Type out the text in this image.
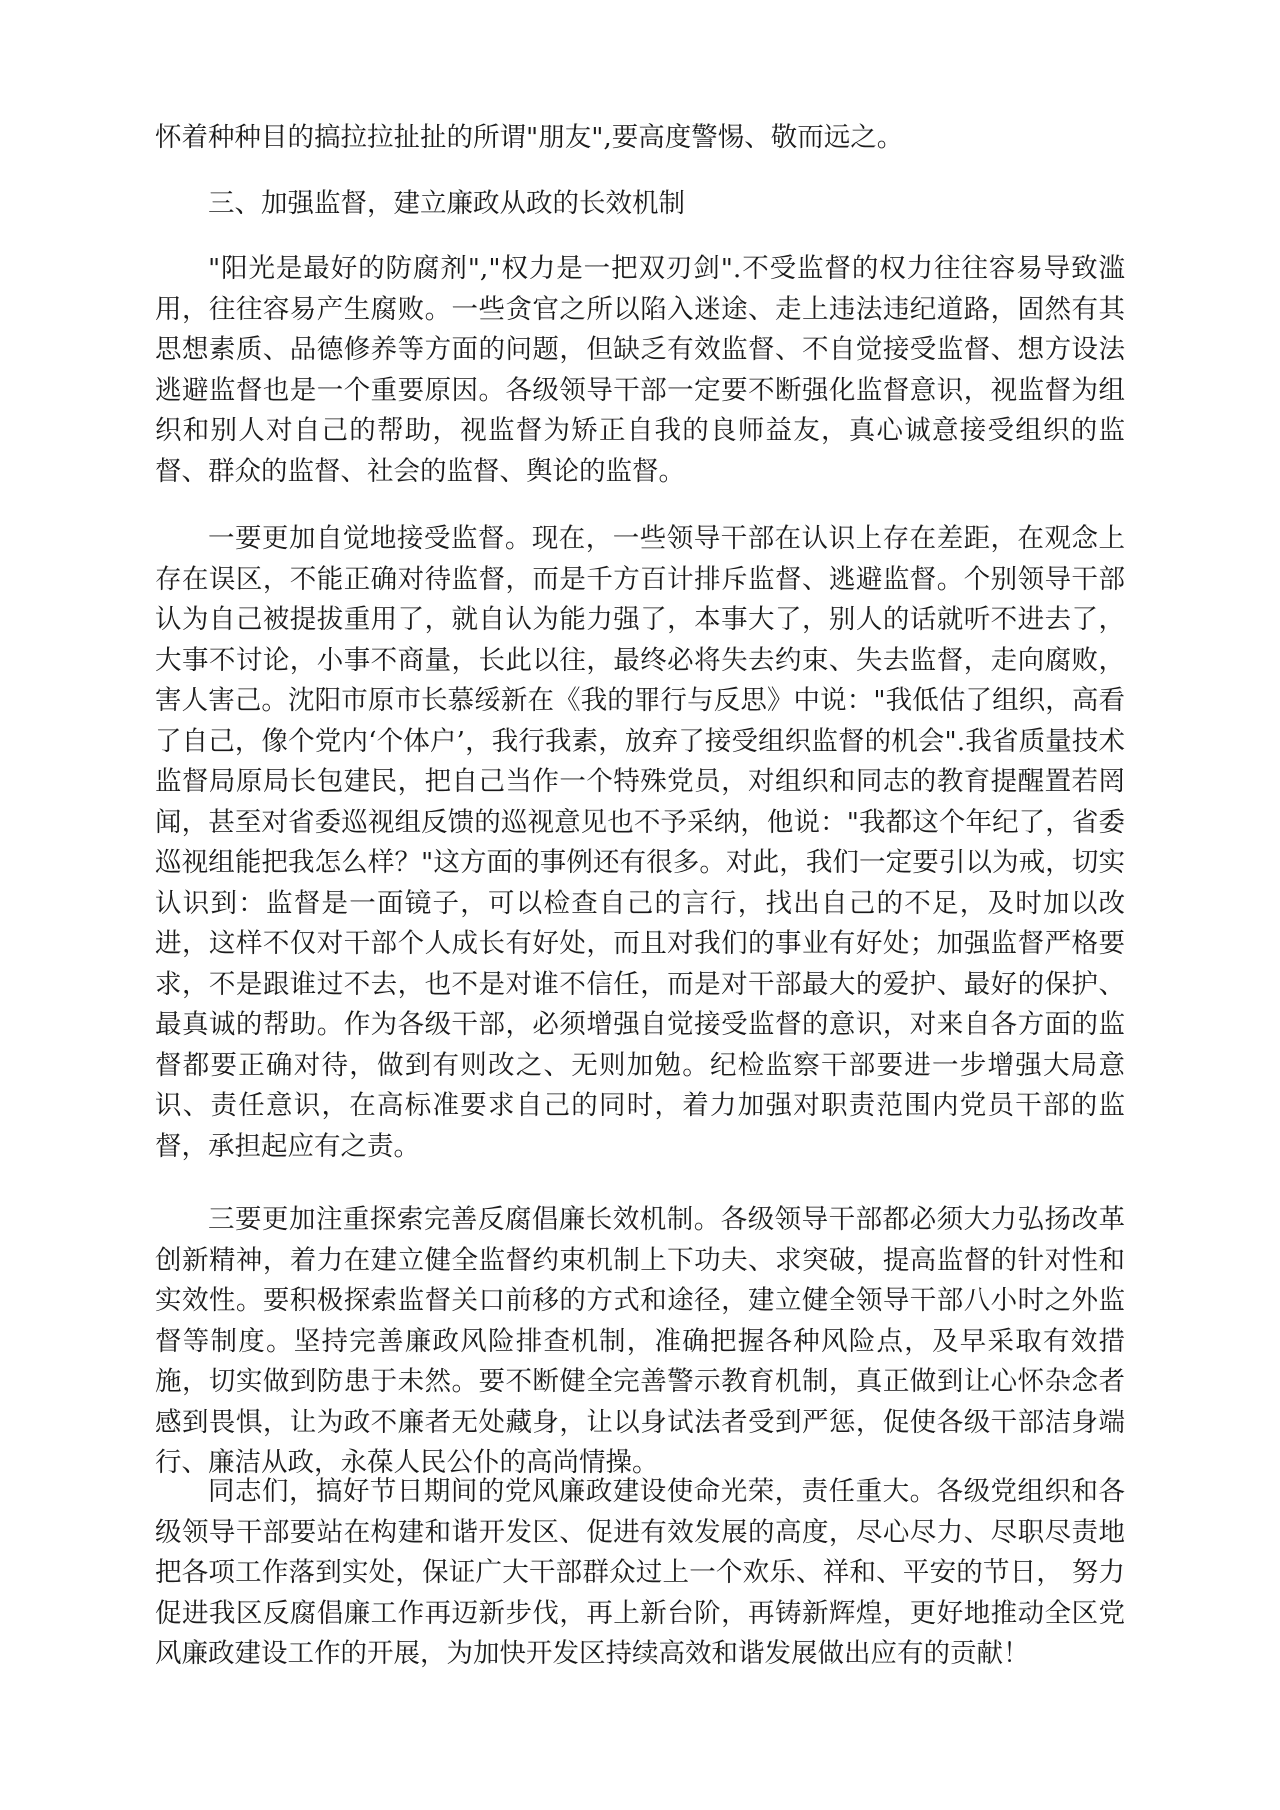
怀着种种目的搞拉拉扯扯的所谓"朋友",要高度警惕、敬而远之。

三、加强监督，建立廉政从政的长效机制

"阳光是最好的防腐剂","权力是一把双刃剑".不受监督的权力往往容易导致滥用，往往容易产生腐败。一些贪官之所以陷入迷途、走上违法违纪道路，固然有其思想素质、品德修养等方面的问题，但缺乏有效监督、不自觉接受监督、想方设法逃避监督也是一个重要原因。各级领导干部一定要不断强化监督意识，视监督为组织和别人对自己的帮助，视监督为矫正自我的良师益友，真心诚意接受组织的监督、群众的监督、社会的监督、舆论的监督。

一要更加自觉地接受监督。现在，一些领导干部在认识上存在差距，在观念上存在误区，不能正确对待监督，而是千方百计排斥监督、逃避监督。个别领导干部认为自己被提拔重用了，就自认为能力强了，本事大了，别人的话就听不进去了，大事不讨论，小事不商量，长此以往，最终必将失去约束、失去监督，走向腐败，害人害己。沈阳市原市长慕绥新在《我的罪行与反思》中说："我低估了组织，高看了自己，像个党内‘个体户’，我行我素，放弃了接受组织监督的机会".我省质量技术监督局原局长包建民，把自己当作一个特殊党员，对组织和同志的教育提醒置若罔闻，甚至对省委巡视组反馈的巡视意见也不予采纳，他说："我都这个年纪了，省委巡视组能把我怎么样？"这方面的事例还有很多。对此，我们一定要引以为戒，切实认识到：监督是一面镜子，可以检查自己的言行，找出自己的不足，及时加以改进，这样不仅对干部个人成长有好处，而且对我们的事业有好处；加强监督严格要求，不是跟谁过不去，也不是对谁不信任，而是对干部最大的爱护、最好的保护、最真诚的帮助。作为各级干部，必须增强自觉接受监督的意识，对来自各方面的监督都要正确对待，做到有则改之、无则加勉。纪检监察干部要进一步增强大局意识、责任意识，在高标准要求自己的同时，着力加强对职责范围内党员干部的监督，承担起应有之责。

三要更加注重探索完善反腐倡廉长效机制。各级领导干部都必须大力弘扬改革创新精神，着力在建立健全监督约束机制上下功夫、求突破，提高监督的针对性和实效性。要积极探索监督关口前移的方式和途径，建立健全领导干部八小时之外监督等制度。坚持完善廉政风险排查机制，准确把握各种风险点，及早采取有效措施，切实做到防患于未然。要不断健全完善警示教育机制，真正做到让心怀杂念者感到畏惧，让为政不廉者无处藏身，让以身试法者受到严惩，促使各级干部洁身端行、廉洁从政，永葆人民公仆的高尚情操。

同志们，搞好节日期间的党风廉政建设使命光荣，责任重大。各级党组织和各级领导干部要站在构建和谐开发区、促进有效发展的高度，尽心尽力、尽职尽责地把各项工作落到实处，保证广大干部群众过上一个欢乐、祥和、平安的节日， 努力促进我区反腐倡廉工作再迈新步伐，再上新台阶，再铸新辉煌，更好地推动全区党风廉政建设工作的开展，为加快开发区持续高效和谐发展做出应有的贡献！
